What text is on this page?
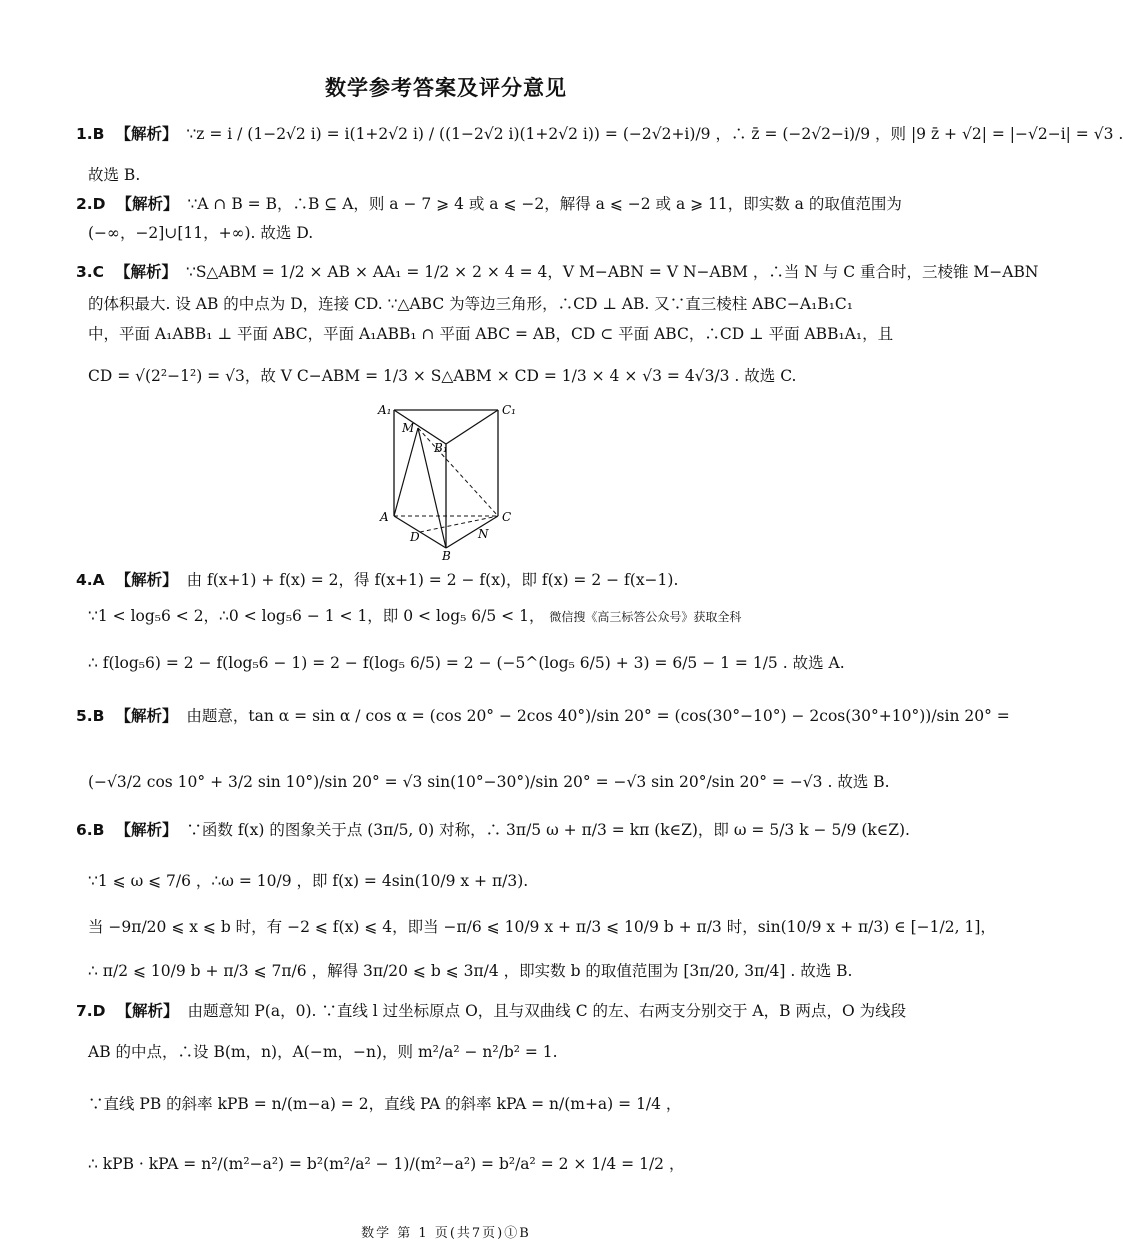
数学参考答案及评分意见
1.B 【解析】 ∵z = i / (1−2√2 i) = i(1+2√2 i) / ((1−2√2 i)(1+2√2 i)) = (−2√2+i)/9 ，∴ z̄ = (−2√2−i)/9 ，则 |9 z̄ + √2| = |−√2−i| = √3 .
故选 B.
2.D 【解析】 ∵A ∩ B = B，∴B ⊆ A，则 a − 7 ⩾ 4 或 a ⩽ −2，解得 a ⩽ −2 或 a ⩾ 11，即实数 a 的取值范围为
(−∞，−2]∪[11，+∞). 故选 D.
3.C 【解析】 ∵S△ABM = 1/2 × AB × AA₁ = 1/2 × 2 × 4 = 4，V M−ABN = V N−ABM ，∴当 N 与 C 重合时，三棱锥 M−ABN
的体积最大. 设 AB 的中点为 D，连接 CD. ∵△ABC 为等边三角形，∴CD ⊥ AB. 又∵直三棱柱 ABC−A₁B₁C₁
中，平面 A₁ABB₁ ⊥ 平面 ABC，平面 A₁ABB₁ ∩ 平面 ABC = AB，CD ⊂ 平面 ABC，∴CD ⊥ 平面 ABB₁A₁，且
CD = √(2²−1²) = √3，故 V C−ABM = 1/3 × S△ABM × CD = 1/3 × 4 × √3 = 4√3/3 . 故选 C.
A₁	C₁
M
B₁
A	C
D	N
B
4.A 【解析】 由 f(x+1) + f(x) = 2，得 f(x+1) = 2 − f(x)，即 f(x) = 2 − f(x−1).
∵1 < log₅6 < 2，∴0 < log₅6 − 1 < 1，即 0 < log₅ 6/5 < 1， 微信搜《高三标答公众号》获取全科
∴ f(log₅6) = 2 − f(log₅6 − 1) = 2 − f(log₅ 6/5) = 2 − (−5^(log₅ 6/5) + 3) = 6/5 − 1 = 1/5 . 故选 A.
5.B 【解析】 由题意，tan α = sin α / cos α = (cos 20° − 2cos 40°)/sin 20° = (cos(30°−10°) − 2cos(30°+10°))/sin 20° =
(−√3/2 cos 10° + 3/2 sin 10°)/sin 20° = √3 sin(10°−30°)/sin 20° = −√3 sin 20°/sin 20° = −√3 . 故选 B.
6.B 【解析】 ∵函数 f(x) 的图象关于点 (3π/5, 0) 对称，∴ 3π/5 ω + π/3 = kπ (k∈Z)，即 ω = 5/3 k − 5/9 (k∈Z).
∵1 ⩽ ω ⩽ 7/6 ，∴ω = 10/9 ，即 f(x) = 4sin(10/9 x + π/3).
当 −9π/20 ⩽ x ⩽ b 时，有 −2 ⩽ f(x) ⩽ 4，即当 −π/6 ⩽ 10/9 x + π/3 ⩽ 10/9 b + π/3 时，sin(10/9 x + π/3) ∈ [−1/2, 1]，
∴ π/2 ⩽ 10/9 b + π/3 ⩽ 7π/6 ，解得 3π/20 ⩽ b ⩽ 3π/4 ，即实数 b 的取值范围为 [3π/20, 3π/4] . 故选 B.
7.D 【解析】 由题意知 P(a，0). ∵直线 l 过坐标原点 O，且与双曲线 C 的左、右两支分别交于 A，B 两点，O 为线段
AB 的中点，∴设 B(m，n)，A(−m，−n)，则 m²/a² − n²/b² = 1.
∵直线 PB 的斜率 kPB = n/(m−a) = 2，直线 PA 的斜率 kPA = n/(m+a) = 1/4 ，
∴ kPB · kPA = n²/(m²−a²) = b²(m²/a² − 1)/(m²−a²) = b²/a² = 2 × 1/4 = 1/2 ，
数学 第 1 页(共7页)①B
